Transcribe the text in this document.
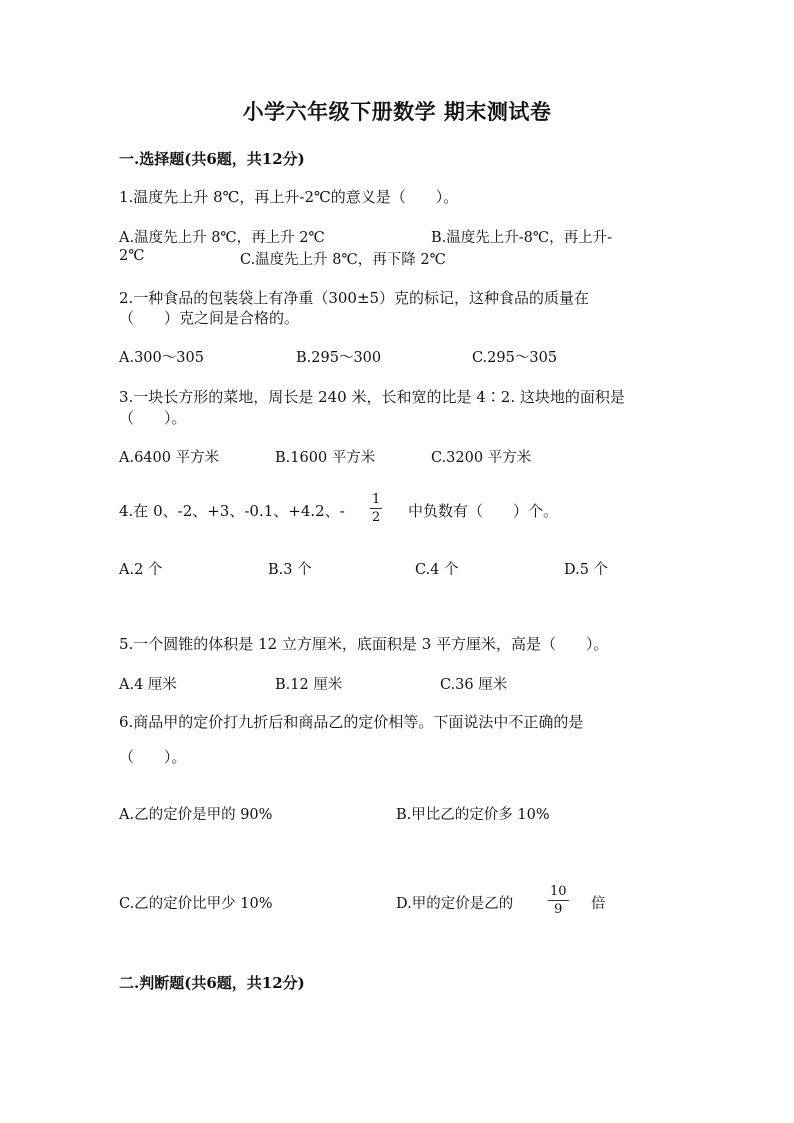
小学六年级下册数学 期末测试卷
一.选择题(共6题，共12分)
1.温度先上升 8℃，再上升-2℃的意义是（　　）。
A.温度先上升 8℃，再上升 2℃	B.温度先上升-8℃，再上升-
2℃	C.温度先上升 8℃，再下降 2℃
2.一种食品的包装袋上有净重（300±5）克的标记，这种食品的质量在
（　　）克之间是合格的。
A.300～305	B.295～300	C.295～305
3.一块长方形的菜地，周长是 240 米，长和宽的比是 4∶2. 这块地的面积是
（　　）。
A.6400 平方米	B.1600 平方米	C.3200 平方米
4.在 0、-2、+3、-0.1、+4.2、-
1
2 中负数有（　　）个。
A.2 个	B.3 个	C.4 个	D.5 个
5.一个圆锥的体积是 12 立方厘米，底面积是 3 平方厘米，高是（　　）。
A.4 厘米	B.12 厘米	C.36 厘米
6.商品甲的定价打九折后和商品乙的定价相等。下面说法中不正确的是
（　　）。
A.乙的定价是甲的 90%	B.甲比乙的定价多 10%
C.乙的定价比甲少 10%	D.甲的定价是乙的
10
9 倍
二.判断题(共6题，共12分)
